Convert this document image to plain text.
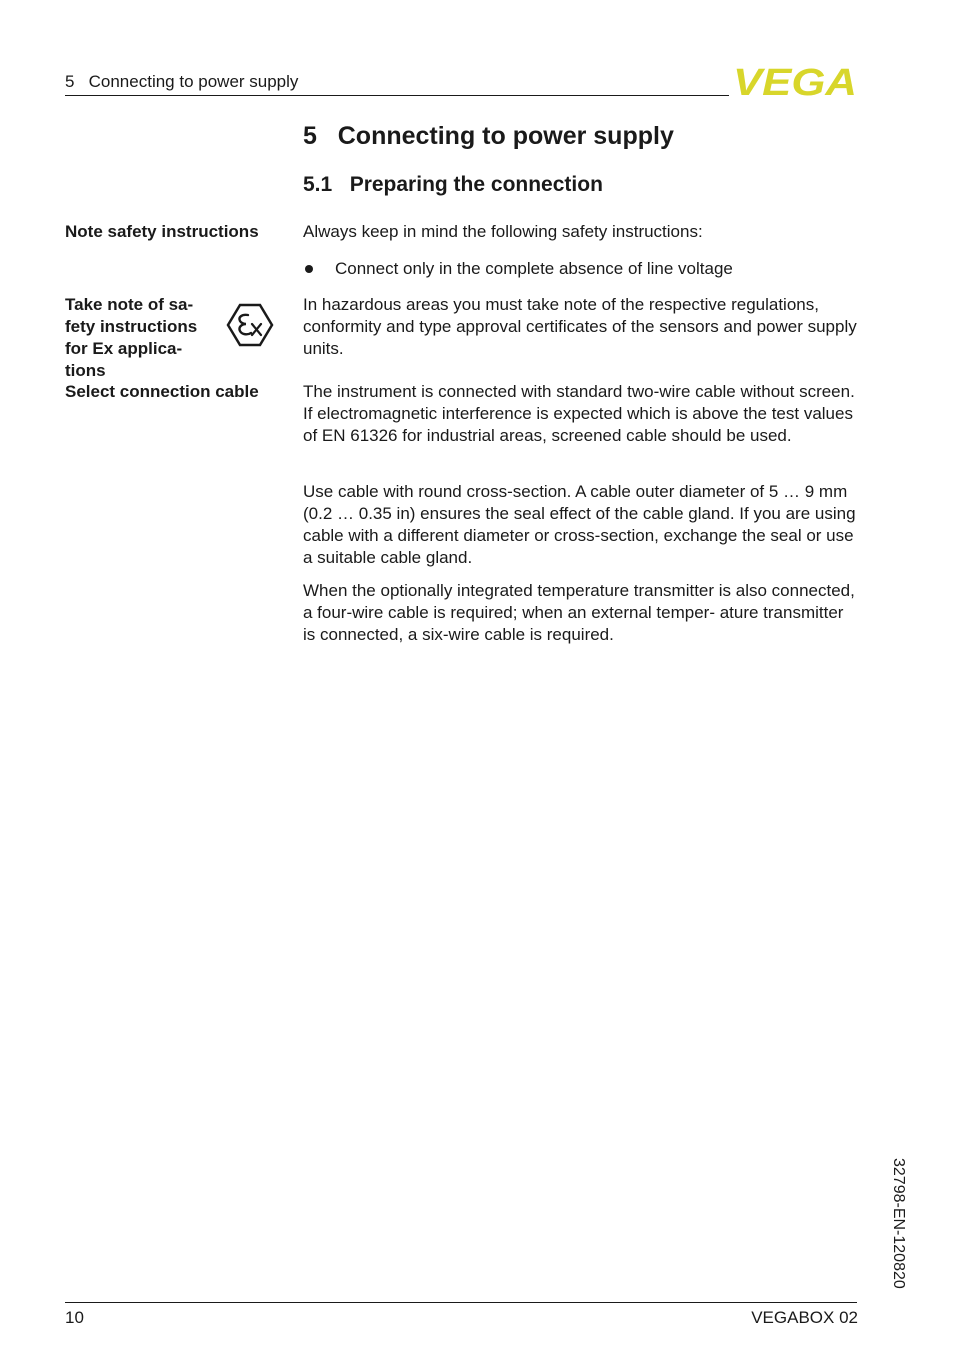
5   Connecting to power supply	VEGA
5   Connecting to power supply
5.1   Preparing the connection
Note safety instructions
Take note of sa-
fety instructions
for Ex applica-
tions
Select connection cable
Always keep in mind the following safety instructions:
Connect only in the complete absence of line voltage
In hazardous areas you must take note of the respective regulations, conformity and type approval certificates of the sensors and power supply units.
The instrument is connected with standard two-wire cable without screen. If electromagnetic interference is expected which is above the test values of EN 61326 for industrial areas, screened cable should be used.
Use cable with round cross-section. A cable outer diameter of 5 … 9 mm (0.2 … 0.35 in) ensures the seal effect of the cable gland. If you are using cable with a different diameter or cross-section, exchange the seal or use a suitable cable gland.
When the optionally integrated temperature transmitter is also connected, a four-wire cable is required; when an external temper- ature transmitter is connected, a six-wire cable is required.
32798-EN-120820
10	VEGABOX 02
